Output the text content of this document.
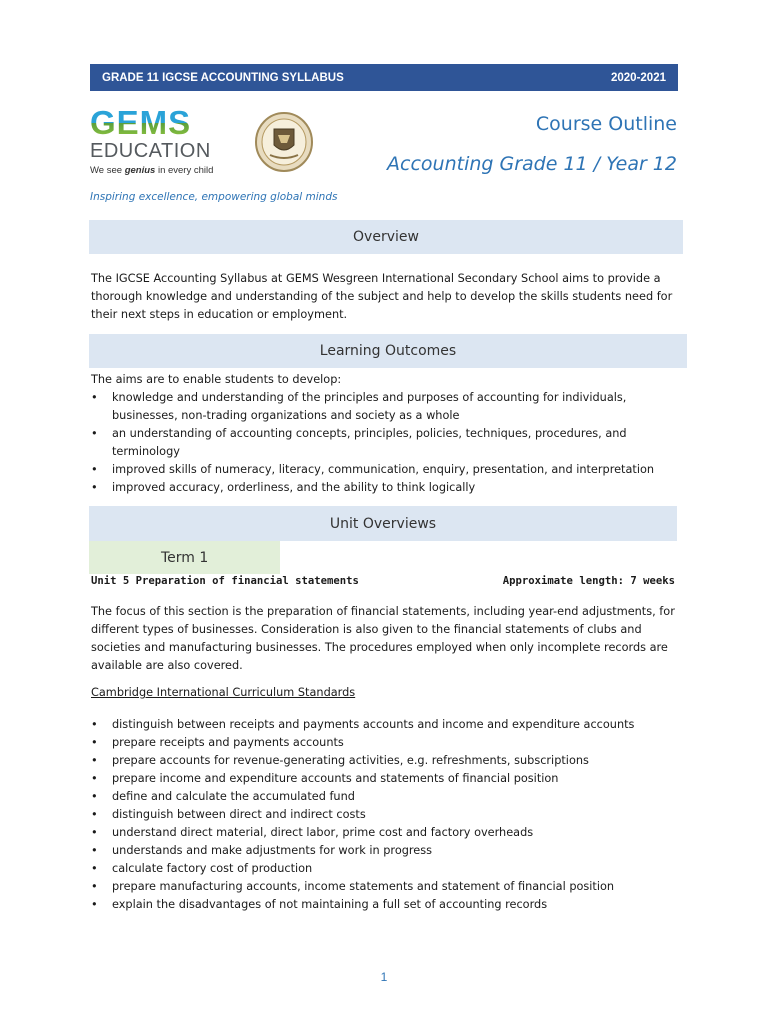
GRADE 11 IGCSE ACCOUNTING SYLLABUS	2020-2021
GEMS
EDUCATION
We see genius in every child
Course Outline
Accounting Grade 11 / Year 12
Inspiring excellence, empowering global minds
Overview

The IGCSE Accounting Syllabus at GEMS Wesgreen International Secondary School aims to provide a thorough knowledge and understanding of the subject and help to develop the skills students need for their next steps in education or employment.

Learning Outcomes

The aims are to enable students to develop:

• knowledge and understanding of the principles and purposes of accounting for individuals, businesses, non-trading organizations and society as a whole
• an understanding of accounting concepts, principles, policies, techniques, procedures, and terminology
• improved skills of numeracy, literacy, communication, enquiry, presentation, and interpretation
• improved accuracy, orderliness, and the ability to think logically
Unit Overviews
Term 1
Unit 5 Preparation of financial statements	Approximate length: 7 weeks

The focus of this section is the preparation of financial statements, including year-end adjustments, for different types of businesses. Consideration is also given to the financial statements of clubs and societies and manufacturing businesses. The procedures employed when only incomplete records are available are also covered.

Cambridge International Curriculum Standards
• distinguish between receipts and payments accounts and income and expenditure accounts
• prepare receipts and payments accounts
• prepare accounts for revenue-generating activities, e.g. refreshments, subscriptions
• prepare income and expenditure accounts and statements of financial position
• define and calculate the accumulated fund
• distinguish between direct and indirect costs
• understand direct material, direct labor, prime cost and factory overheads
• understands and make adjustments for work in progress
• calculate factory cost of production
• prepare manufacturing accounts, income statements and statement of financial position
• explain the disadvantages of not maintaining a full set of accounting records
1
